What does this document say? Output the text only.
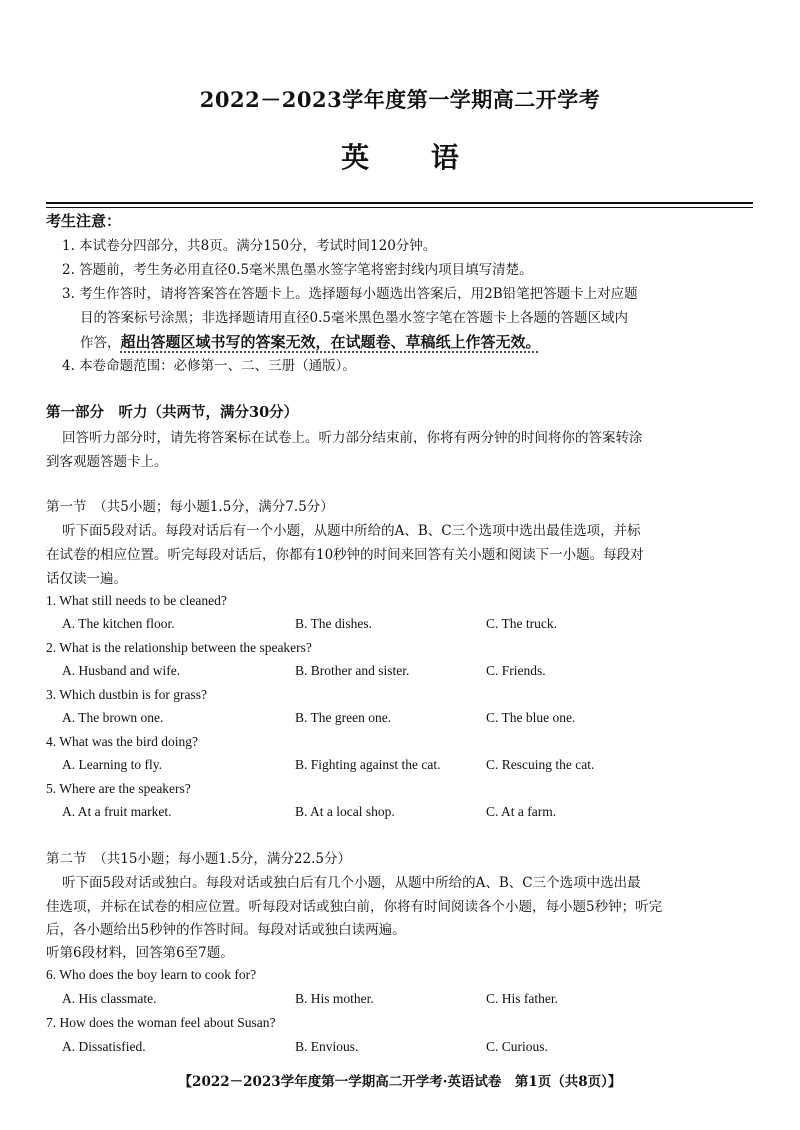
2022－2023学年度第一学期高二开学考
英 语
考生注意：
1. 本试卷分四部分，共8页。满分150分，考试时间120分钟。
2. 答题前，考生务必用直径0.5毫米黑色墨水签字笔将密封线内项目填写清楚。
3. 考生作答时，请将答案答在答题卡上。选择题每小题选出答案后，用2B铅笔把答题卡上对应题
目的答案标号涂黑；非选择题请用直径0.5毫米黑色墨水签字笔在答题卡上各题的答题区域内
作答，超出答题区域书写的答案无效，在试题卷、草稿纸上作答无效。
4. 本卷命题范围：必修第一、二、三册（通版）。
第一部分　听力（共两节，满分30分）
回答听力部分时，请先将答案标在试卷上。听力部分结束前，你将有两分钟的时间将你的答案转涂
到客观题答题卡上。
第一节　（共5小题；每小题1.5分，满分7.5分）
听下面5段对话。每段对话后有一个小题，从题中所给的A、B、C三个选项中选出最佳选项，并标
在试卷的相应位置。听完每段对话后，你都有10秒钟的时间来回答有关小题和阅读下一小题。每段对
话仅读一遍。
1. What still needs to be cleaned?
A. The kitchen floor.	B. The dishes.	C. The truck.
2. What is the relationship between the speakers?
A. Husband and wife.	B. Brother and sister.	C. Friends.
3. Which dustbin is for grass?
A. The brown one.	B. The green one.	C. The blue one.
4. What was the bird doing?
A. Learning to fly.	B. Fighting against the cat.	C. Rescuing the cat.
5. Where are the speakers?
A. At a fruit market.	B. At a local shop.	C. At a farm.
第二节　（共15小题；每小题1.5分，满分22.5分）
听下面5段对话或独白。每段对话或独白后有几个小题，从题中所给的A、B、C三个选项中选出最
佳选项，并标在试卷的相应位置。听每段对话或独白前，你将有时间阅读各个小题，每小题5秒钟；听完
后，各小题给出5秒钟的作答时间。每段对话或独白读两遍。
听第6段材料，回答第6至7题。
6. Who does the boy learn to cook for?
A. His classmate.	B. His mother.	C. His father.
7. How does the woman feel about Susan?
A. Dissatisfied.	B. Envious.	C. Curious.
【2022－2023学年度第一学期高二开学考·英语试卷　第1页（共8页）】
